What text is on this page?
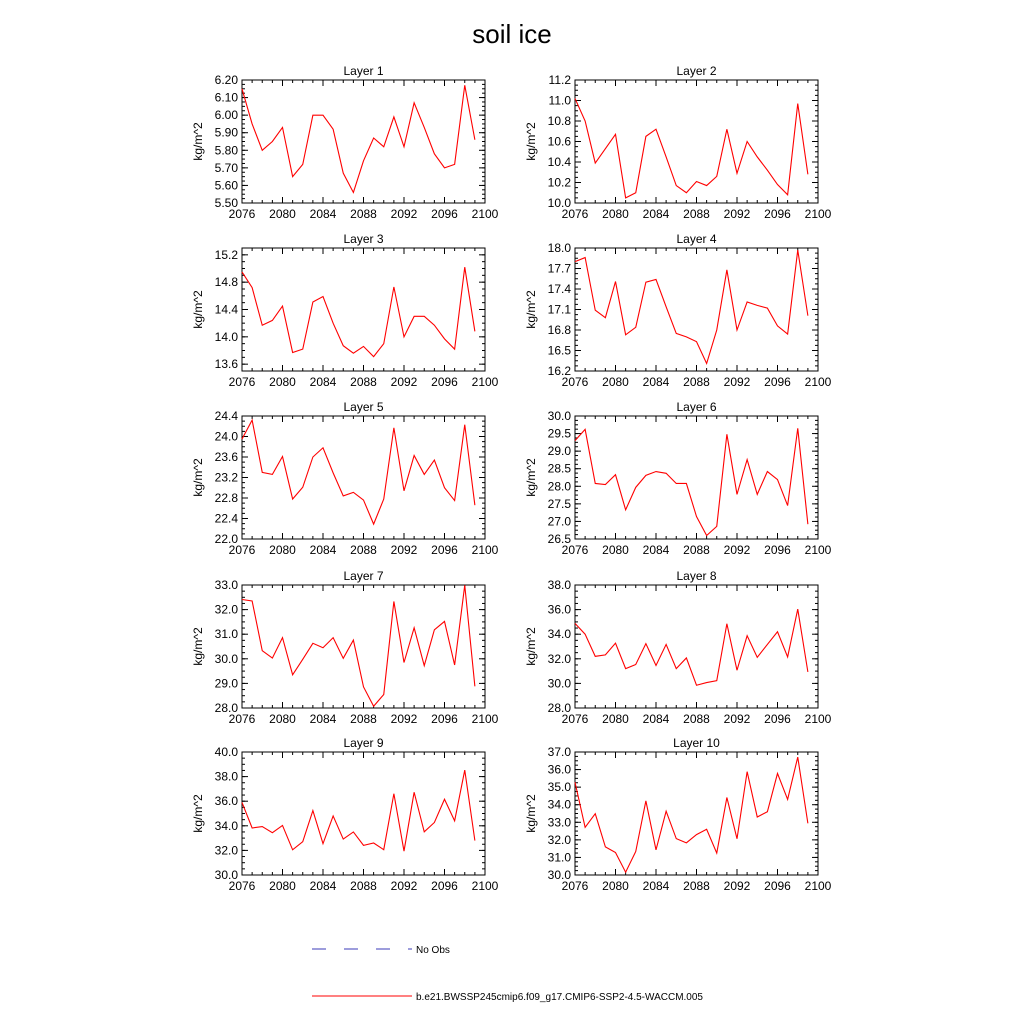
soil ice
Layer 1
2076 2080 2084 2088 2092 2096 2100
5.50
5.60
5.70
5.80
5.90
6.00
6.10
6.20
kg/m^2
Layer 2
2076 2080 2084 2088 2092 2096 2100
10.0
10.2
10.4
10.6
10.8
11.0
11.2
kg/m^2
Layer 3
2076 2080 2084 2088 2092 2096 2100
13.6
14.0
14.4
14.8
15.2
kg/m^2
Layer 4
2076 2080 2084 2088 2092 2096 2100
16.2
16.5
16.8
17.1
17.4
17.7
18.0
kg/m^2
Layer 5
2076 2080 2084 2088 2092 2096 2100
22.0
22.4
22.8
23.2
23.6
24.0
24.4
kg/m^2
Layer 6
2076 2080 2084 2088 2092 2096 2100
26.5
27.0
27.5
28.0
28.5
29.0
29.5
30.0
kg/m^2
Layer 7
2076 2080 2084 2088 2092 2096 2100
28.0
29.0
30.0
31.0
32.0
33.0
kg/m^2
Layer 8
2076 2080 2084 2088 2092 2096 2100
28.0
30.0
32.0
34.0
36.0
38.0
kg/m^2
Layer 9
2076 2080 2084 2088 2092 2096 2100
30.0
32.0
34.0
36.0
38.0
40.0
kg/m^2
Layer 10
2076 2080 2084 2088 2092 2096 2100
30.0
31.0
32.0
33.0
34.0
35.0
36.0
37.0
kg/m^2
No Obs
b.e21.BWSSP245cmip6.f09_g17.CMIP6-SSP2-4.5-WACCM.005
